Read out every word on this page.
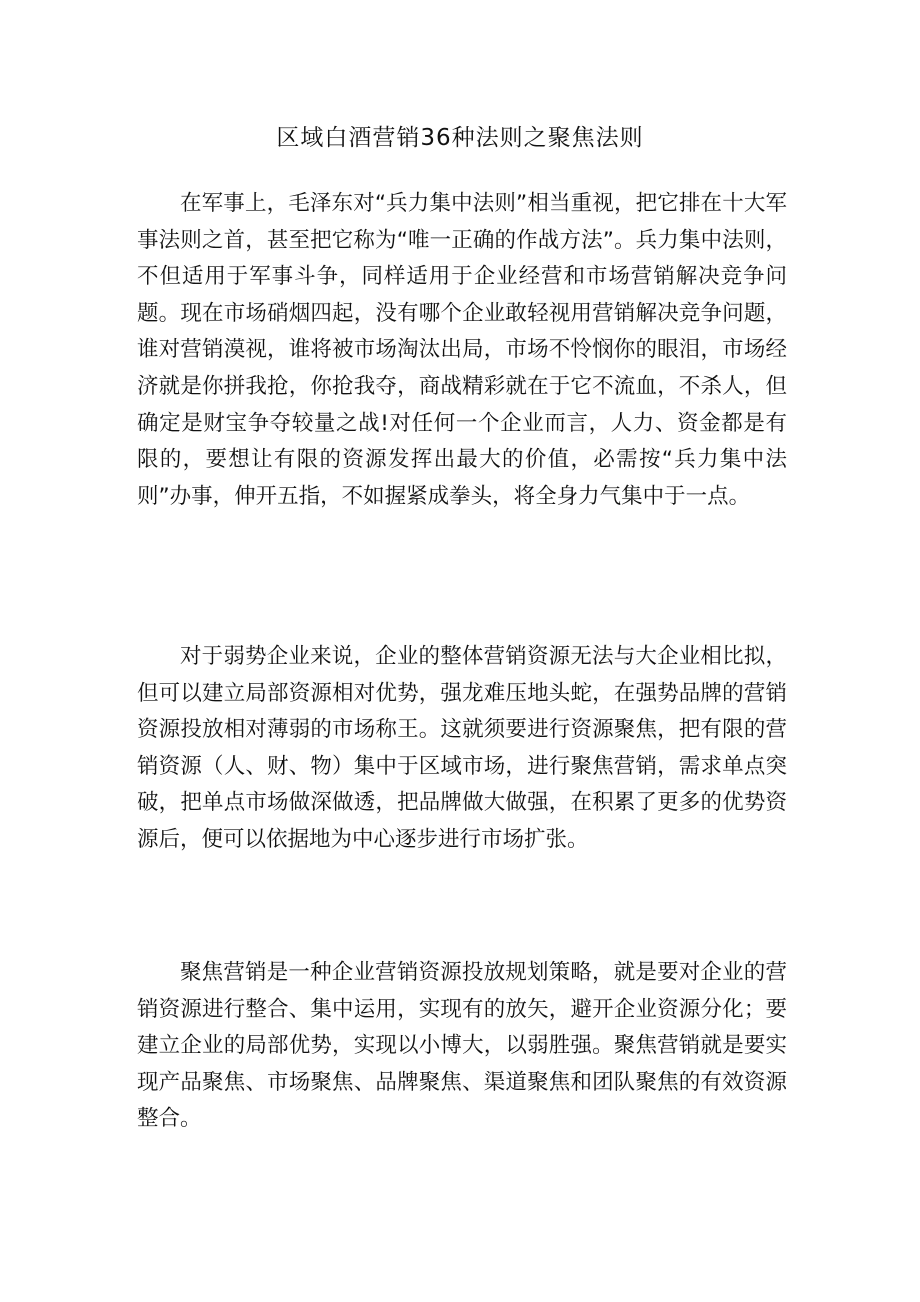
区域白酒营销36种法则之聚焦法则

在军事上，毛泽东对“兵力集中法则”相当重视，把它排在十大军事法则之首，甚至把它称为“唯一正确的作战方法”。兵力集中法则，不但适用于军事斗争，同样适用于企业经营和市场营销解决竞争问题。现在市场硝烟四起，没有哪个企业敢轻视用营销解决竞争问题，谁对营销漠视，谁将被市场淘汰出局，市场不怜悯你的眼泪，市场经济就是你拼我抢，你抢我夺，商战精彩就在于它不流血，不杀人，但确定是财宝争夺较量之战!对任何一个企业而言，人力、资金都是有限的，要想让有限的资源发挥出最大的价值，必需按“兵力集中法则”办事，伸开五指，不如握紧成拳头，将全身力气集中于一点。

对于弱势企业来说，企业的整体营销资源无法与大企业相比拟，但可以建立局部资源相对优势，强龙难压地头蛇，在强势品牌的营销资源投放相对薄弱的市场称王。这就须要进行资源聚焦，把有限的营销资源（人、财、物）集中于区域市场，进行聚焦营销，需求单点突破，把单点市场做深做透，把品牌做大做强，在积累了更多的优势资源后，便可以依据地为中心逐步进行市场扩张。

聚焦营销是一种企业营销资源投放规划策略，就是要对企业的营销资源进行整合、集中运用，实现有的放矢，避开企业资源分化；要建立企业的局部优势，实现以小博大，以弱胜强。聚焦营销就是要实现产品聚焦、市场聚焦、品牌聚焦、渠道聚焦和团队聚焦的有效资源整合。
